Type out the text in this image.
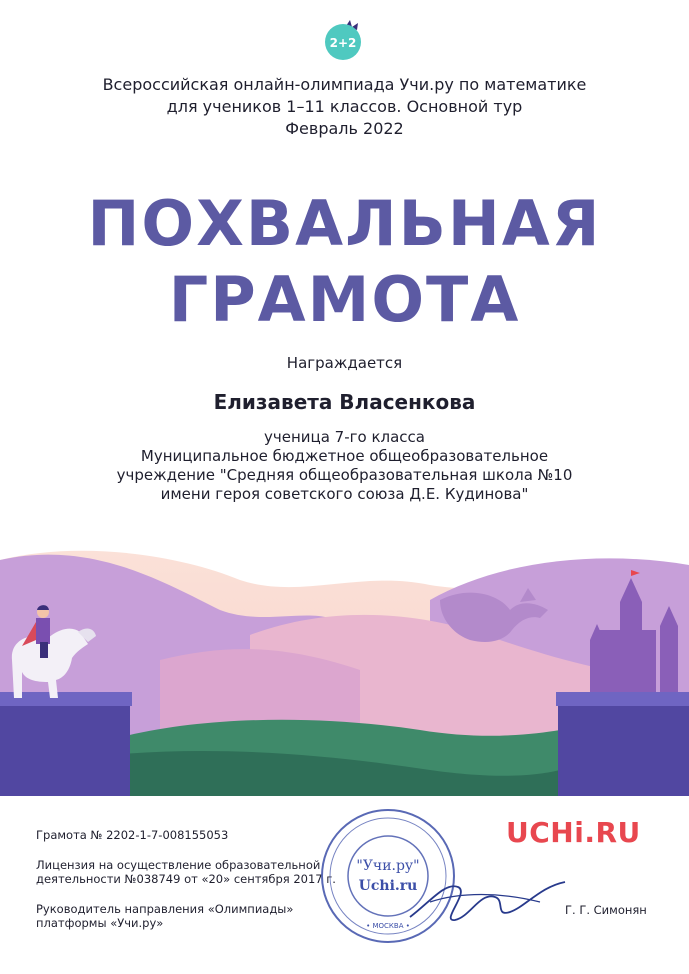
2+2
Всероссийская онлайн-олимпиада Учи.ру по математике
для учеников 1–11 классов. Основной тур
Февраль 2022
ПОХВАЛЬНАЯ
ГРАМОТА
Награждается
Елизавета Власенкова
ученица 7-го класса
Муниципальное бюджетное общеобразовательное
учреждение "Средняя общеобразовательная школа №10
имени героя советского союза Д.Е. Кудинова"
Грамота № 2202-1-7-008155053
Лицензия на осуществление образовательной
деятельности №038749 от «20» сентября 2017 г.
Руководитель направления «Олимпиады»
платформы «Учи.ру»
"Учи.ру"
Uchi.ru
• МОСКВА •
UCHi.RU
Г. Г. Симонян
